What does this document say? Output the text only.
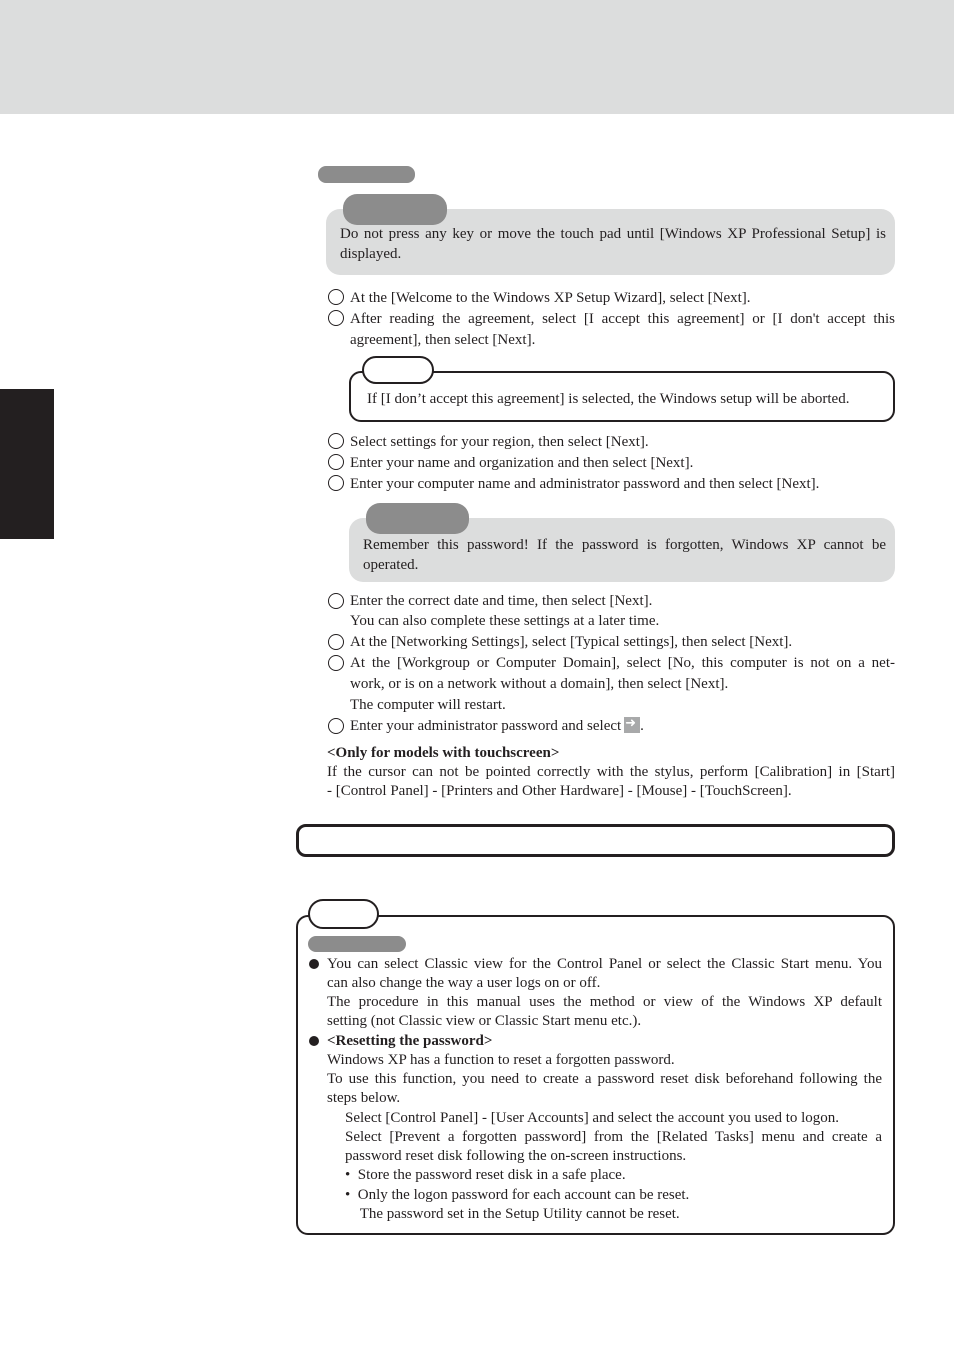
Do not press any key or move the touch pad until [Windows XP Professional Setup] is displayed.
At the [Welcome to the Windows XP Setup Wizard], select [Next].
After reading the agreement, select [I accept this agreement] or [I don't accept this
agreement], then select [Next].
If [I don’t accept this agreement] is selected, the Windows setup will be aborted.
Select settings for your region, then select [Next].
Enter your name and organization and then select [Next].
Enter your computer name and administrator password and then select [Next].
Remember this password! If the password is forgotten, Windows XP cannot be operated.
Enter the correct date and time, then select [Next].
You can also complete these settings at a later time.
At the [Networking Settings], select [Typical settings], then select [Next].
At the [Workgroup or Computer Domain], select [No, this computer is not on a net-
work, or is on a network without a domain], then select [Next].
The computer will restart.
Enter your administrator password and select➜ .
<Only for models with touchscreen>
If the cursor can not be pointed correctly with the stylus, perform [Calibration] in [Start]
- [Control Panel] - [Printers and Other Hardware] - [Mouse] - [TouchScreen].
You can select Classic view for the Control Panel or select the Classic Start menu. You
can also change the way a user logs on or off.
The procedure in this manual uses the method or view of the Windows XP default
setting (not Classic view or Classic Start menu etc.).
<Resetting the password>
Windows XP has a function to reset a forgotten password.
To use this function, you need to create a password reset disk beforehand following the
steps below.
Select [Control Panel] - [User Accounts] and select the account you used to logon.
Select [Prevent a forgotten password] from the [Related Tasks] menu and create a
password reset disk following the on-screen instructions.
•  Store the password reset disk in a safe place.
•  Only the logon password for each account can be reset.
The password set in the Setup Utility cannot be reset.
